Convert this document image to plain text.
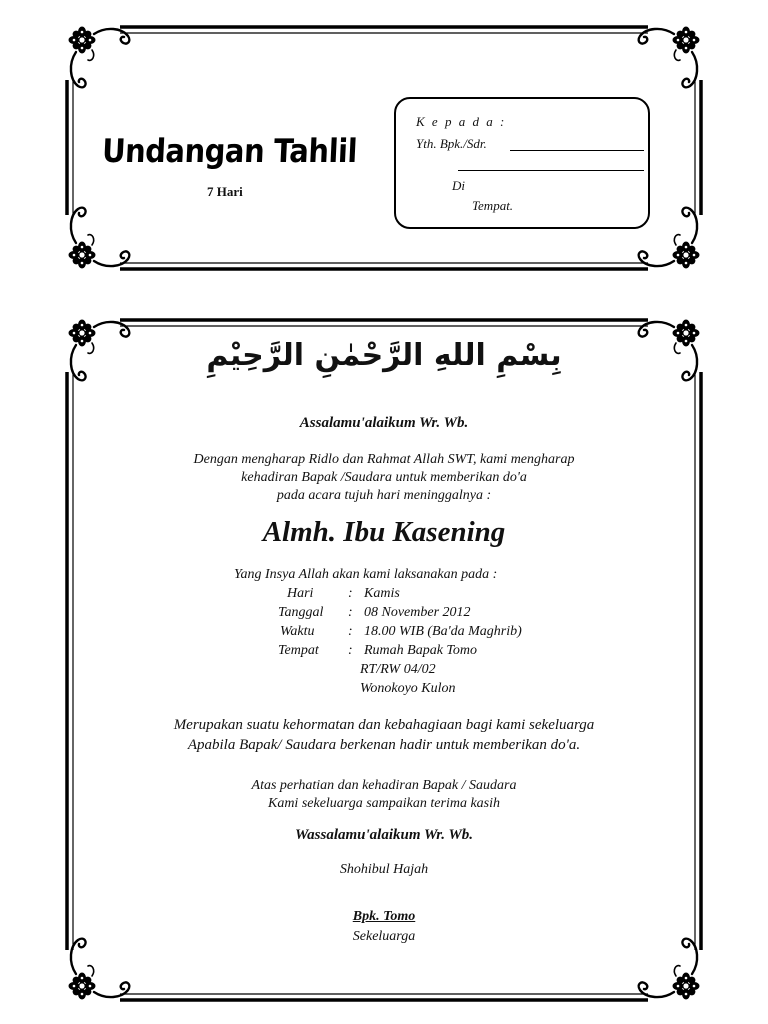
Undangan Tahlil
7 Hari
K e p a d a :
Yth. Bpk./Sdr.
Di
Tempat.
بِسْمِ اللهِ الرَّحْمٰنِ الرَّحِيْمِ
Assalamu'alaikum Wr. Wb.
Dengan mengharap Ridlo dan Rahmat Allah SWT, kami mengharap
kehadiran Bapak /Saudara untuk memberikan do'a
pada acara tujuh hari meninggalnya :
Almh. Ibu Kasening
Yang Insya Allah akan kami laksanakan pada :
Hari : Kamis
Tanggal : 08 November 2012
Waktu : 18.00 WIB (Ba'da Maghrib)
Tempat : Rumah Bapak Tomo
RT/RW 04/02
Wonokoyo Kulon
Merupakan suatu kehormatan dan kebahagiaan bagi kami sekeluarga
Apabila Bapak/ Saudara berkenan hadir untuk memberikan do'a.
Atas perhatian dan kehadiran Bapak / Saudara
Kami sekeluarga sampaikan terima kasih
Wassalamu'alaikum Wr. Wb.
Shohibul Hajah
Bpk. Tomo
Sekeluarga
